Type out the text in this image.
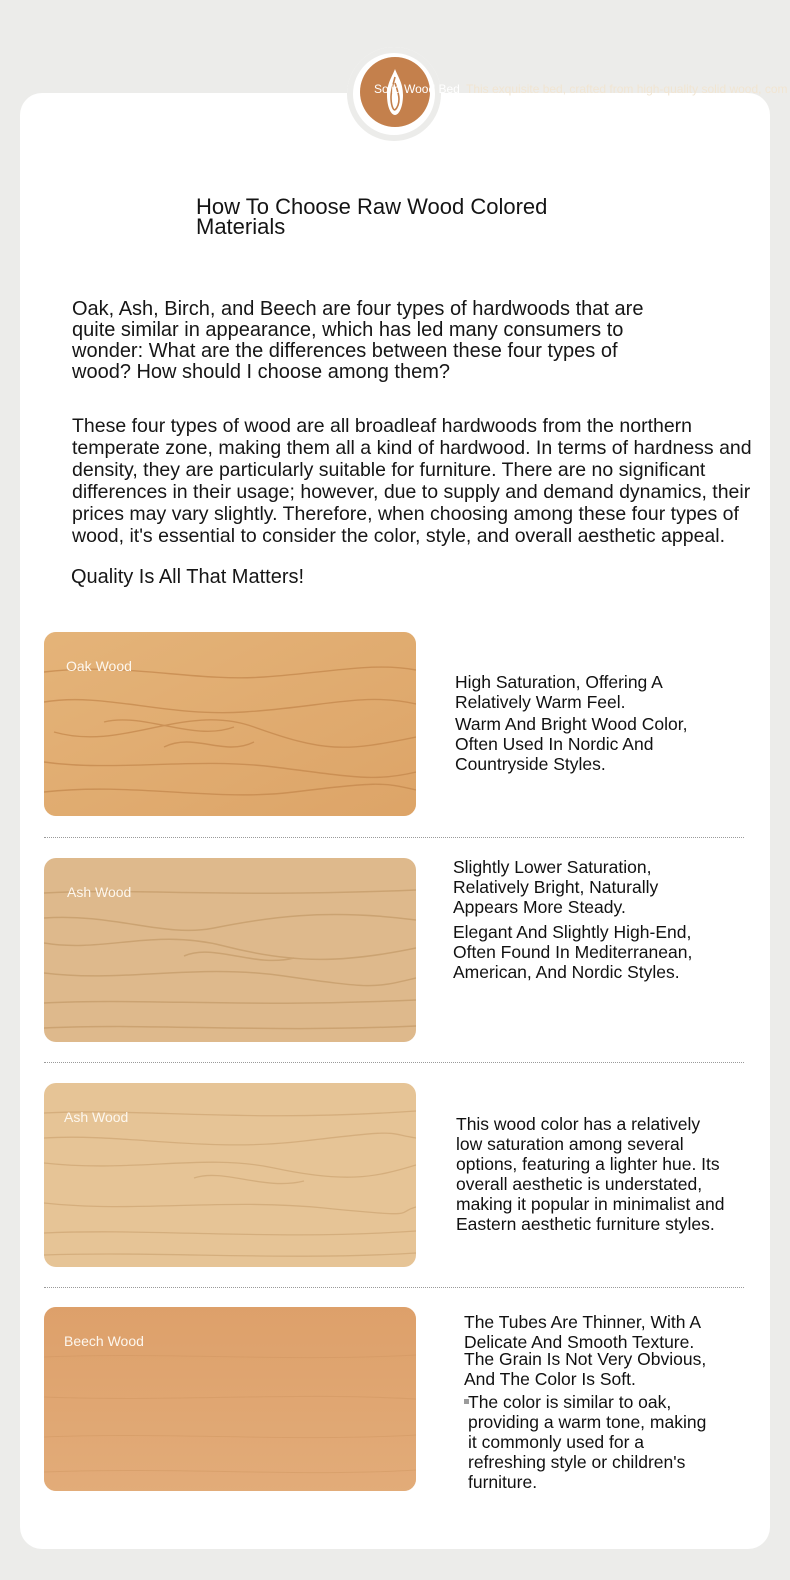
Solid Wood Bed This exquisite bed, crafted from high-quality solid wood, com
How To Choose Raw Wood Colored Materials
Oak, Ash, Birch, and Beech are four types of hardwoods that are quite similar in appearance, which has led many consumers to wonder: What are the differences between these four types of wood? How should I choose among them?
These four types of wood are all broadleaf hardwoods from the northern temperate zone, making them all a kind of hardwood. In terms of hardness and density, they are particularly suitable for furniture. There are no significant differences in their usage; however, due to supply and demand dynamics, their prices may vary slightly. Therefore, when choosing among these four types of wood, it's essential to consider the color, style, and overall aesthetic appeal.
Quality Is All That Matters!
Oak Wood

High Saturation, Offering A Relatively Warm Feel.

Warm And Bright Wood Color, Often Used In Nordic And Countryside Styles.

Ash Wood

Slightly Lower Saturation, Relatively Bright, Naturally Appears More Steady.

Elegant And Slightly High-End, Often Found In Mediterranean, American, And Nordic Styles.

Ash Wood	This wood color has a relatively low saturation among several options, featuring a lighter hue. Its overall aesthetic is understated, making it popular in minimalist and Eastern aesthetic furniture styles.

Beech Wood

The Tubes Are Thinner, With A Delicate And Smooth Texture.

The Grain Is Not Very Obvious, And The Color Is Soft.

The color is similar to oak, providing a warm tone, making it commonly used for a refreshing style or children's furniture.
